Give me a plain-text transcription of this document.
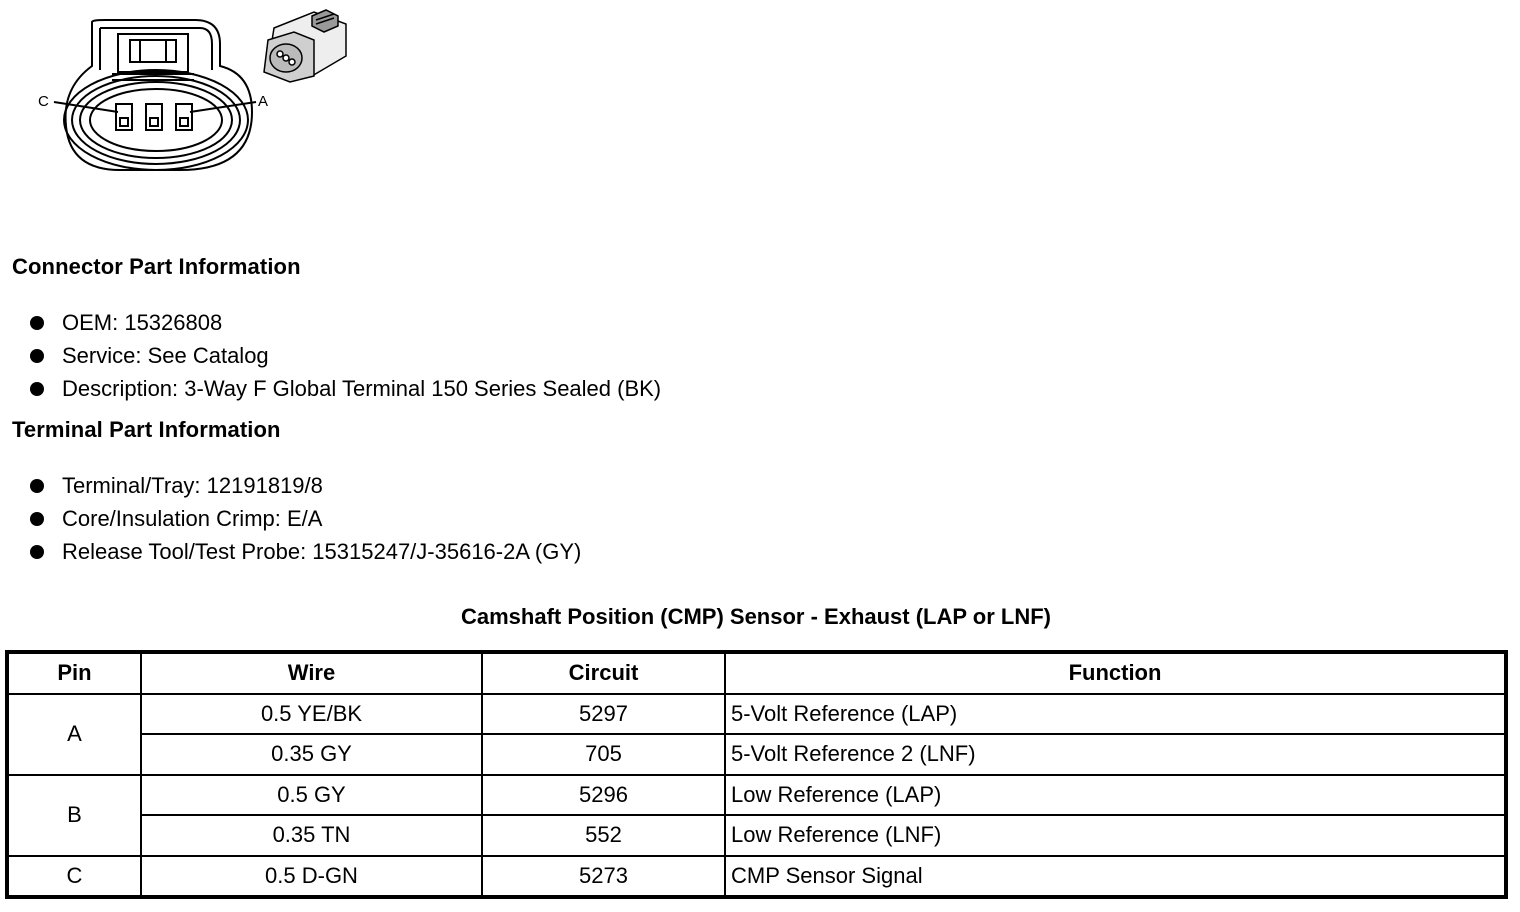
C	A
Connector Part Information
OEM: 15326808
Service: See Catalog
Description: 3-Way F Global Terminal 150 Series Sealed (BK)
Terminal Part Information
Terminal/Tray: 12191819/8
Core/Insulation Crimp: E/A
Release Tool/Test Probe: 15315247/J-35616-2A (GY)
Camshaft Position (CMP) Sensor - Exhaust (LAP or LNF)
Pin	Wire	Circuit	Function
A	0.5 YE/BK	5297	5-Volt Reference (LAP)
	0.35 GY	705	5-Volt Reference 2 (LNF)
B	0.5 GY	5296	Low Reference (LAP)
	0.35 TN	552	Low Reference (LNF)
C	0.5 D-GN	5273	CMP Sensor Signal
